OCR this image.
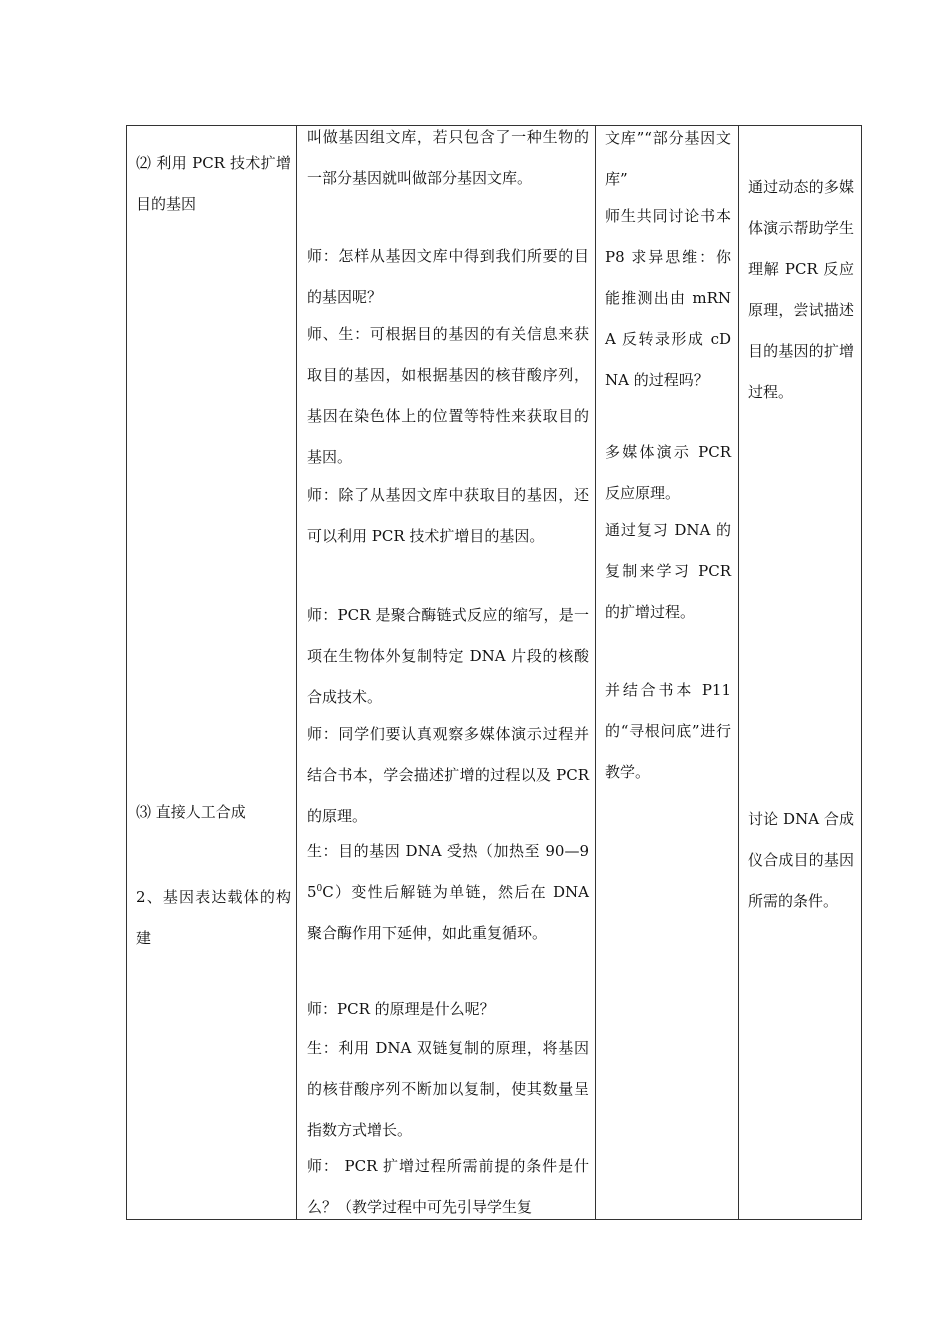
⑵ 利用 PCR 技术扩增目的基因
⑶ 直接人工合成
2、基因表达载体的构建
叫做基因组文库，若只包含了一种生物的一部分基因就叫做部分基因文库。
师：怎样从基因文库中得到我们所要的目的基因呢？
师、生：可根据目的基因的有关信息来获取目的基因，如根据基因的核苷酸序列，基因在染色体上的位置等特性来获取目的基因。
师：除了从基因文库中获取目的基因，还可以利用 PCR 技术扩增目的基因。
师：PCR 是聚合酶链式反应的缩写，是一项在生物体外复制特定 DNA 片段的核酸合成技术。
师：同学们要认真观察多媒体演示过程并结合书本，学会描述扩增的过程以及 PCR 的原理。
生：目的基因 DNA 受热（加热至 $90—95^0C$）变性后解链为单链，然后在 DNA 聚合酶作用下延伸，如此重复循环。
师：PCR 的原理是什么呢？
生：利用 DNA 双链复制的原理，将基因的核苷酸序列不断加以复制，使其数量呈指数方式增长。
师： PCR 扩增过程所需前提的条件是什么？（教学过程中可先引导学生复
文库”“部分基因文库”
师生共同讨论书本 P8 求异思维：你能推测出由 mRNA 反转录形成 cDNA 的过程吗？
多媒体演示 PCR 反应原理。
通过复习 DNA 的复制来学习 PCR 的扩增过程。
并结合书本 P11 的“寻根问底”进行教学。
通过动态的多媒体演示帮助学生理解 PCR 反应原理，尝试描述目的基因的扩增过程。
讨论 DNA 合成仪合成目的基因所需的条件。
